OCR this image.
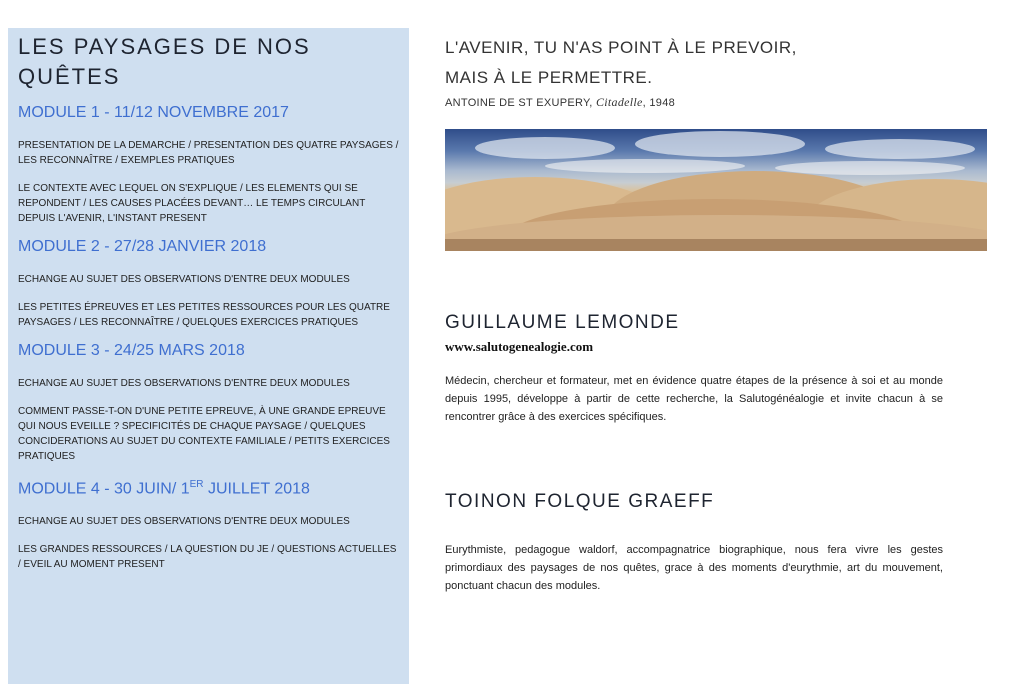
LES PAYSAGES DE NOS QUÊTES
MODULE 1 - 11/12 NOVEMBRE 2017

PRESENTATION DE LA DEMARCHE / PRESENTATION DES QUATRE PAYSAGES / LES RECONNAÎTRE / EXEMPLES PRATIQUES

LE CONTEXTE AVEC LEQUEL ON S'EXPLIQUE / LES ELEMENTS QUI SE REPONDENT / LES CAUSES PLACÉES DEVANT… LE TEMPS CIRCULANT DEPUIS L'AVENIR, L'INSTANT PRESENT

MODULE 2 - 27/28 JANVIER 2018

ECHANGE AU SUJET DES OBSERVATIONS D'ENTRE DEUX MODULES

LES PETITES ÉPREUVES ET LES PETITES RESSOURCES POUR LES QUATRE PAYSAGES / LES RECONNAÎTRE / QUELQUES EXERCICES PRATIQUES

MODULE 3 - 24/25 MARS 2018

ECHANGE AU SUJET DES OBSERVATIONS D'ENTRE DEUX MODULES

COMMENT PASSE-T-ON D'UNE PETITE EPREUVE, À UNE GRANDE EPREUVE QUI NOUS EVEILLE ? SPECIFICITÉS DE CHAQUE PAYSAGE / QUELQUES CONCIDERATIONS AU SUJET DU CONTEXTE FAMILIALE / PETITS EXERCICES PRATIQUES

MODULE 4 - 30 JUIN/ 1ER JUILLET 2018

ECHANGE AU SUJET DES OBSERVATIONS D'ENTRE DEUX MODULES

LES GRANDES RESSOURCES / LA QUESTION DU JE / QUESTIONS ACTUELLES / EVEIL AU MOMENT PRESENT

L'AVENIR, TU N'AS POINT À LE PREVOIR,
MAIS À LE PERMETTRE.
ANTOINE DE ST EXUPERY, Citadelle, 1948
GUILLAUME LEMONDE
www.salutogenealogie.com

Médecin, chercheur et formateur, met en évidence quatre étapes de la présence à soi et au monde depuis 1995, développe à partir de cette recherche, la Salutogénéalogie et invite chacun à se rencontrer grâce à des exercices spécifiques.

TOINON FOLQUE GRAEFF

Eurythmiste, pedagogue waldorf, accompagnatrice biographique, nous fera vivre les gestes primordiaux des paysages de nos quêtes, grace à des moments d'eurythmie, art du mouvement, ponctuant chacun des modules.
